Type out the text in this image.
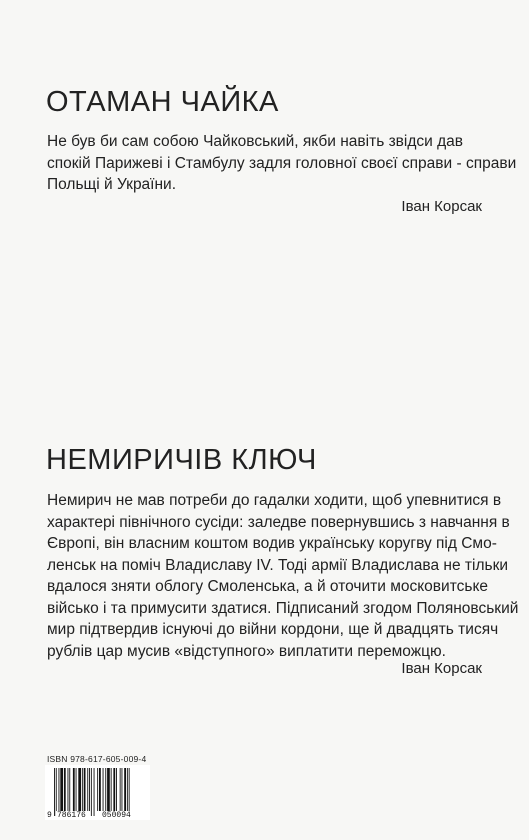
ОТАМАН ЧАЙКА

Не був би сам собою Чайковський, якби навіть звідси дав
спокій Парижеві і Стамбулу задля головної своєї справи - справи
Польщі й України.

Іван Корсак
НЕМИРИЧІВ КЛЮЧ

Немирич не мав потреби до гадалки ходити, щоб упевнитися в
характері північного сусіди: заледве повернувшись з навчання в
Європі, він власним коштом водив українську коругву під Смо-
ленськ на поміч Владиславу IV. Тоді армії Владислава не тільки
вдалося зняти облогу Смоленська, а й оточити московитське
військо і та примусити здатися. Підписаний згодом Поляновський
мир підтвердив існуючі до війни кордони, ще й двадцять тисяч
рублів цар мусив «відступного» виплатити переможцю.

Іван Корсак
ISBN 978-617-605-009-4
9 786176 050094
